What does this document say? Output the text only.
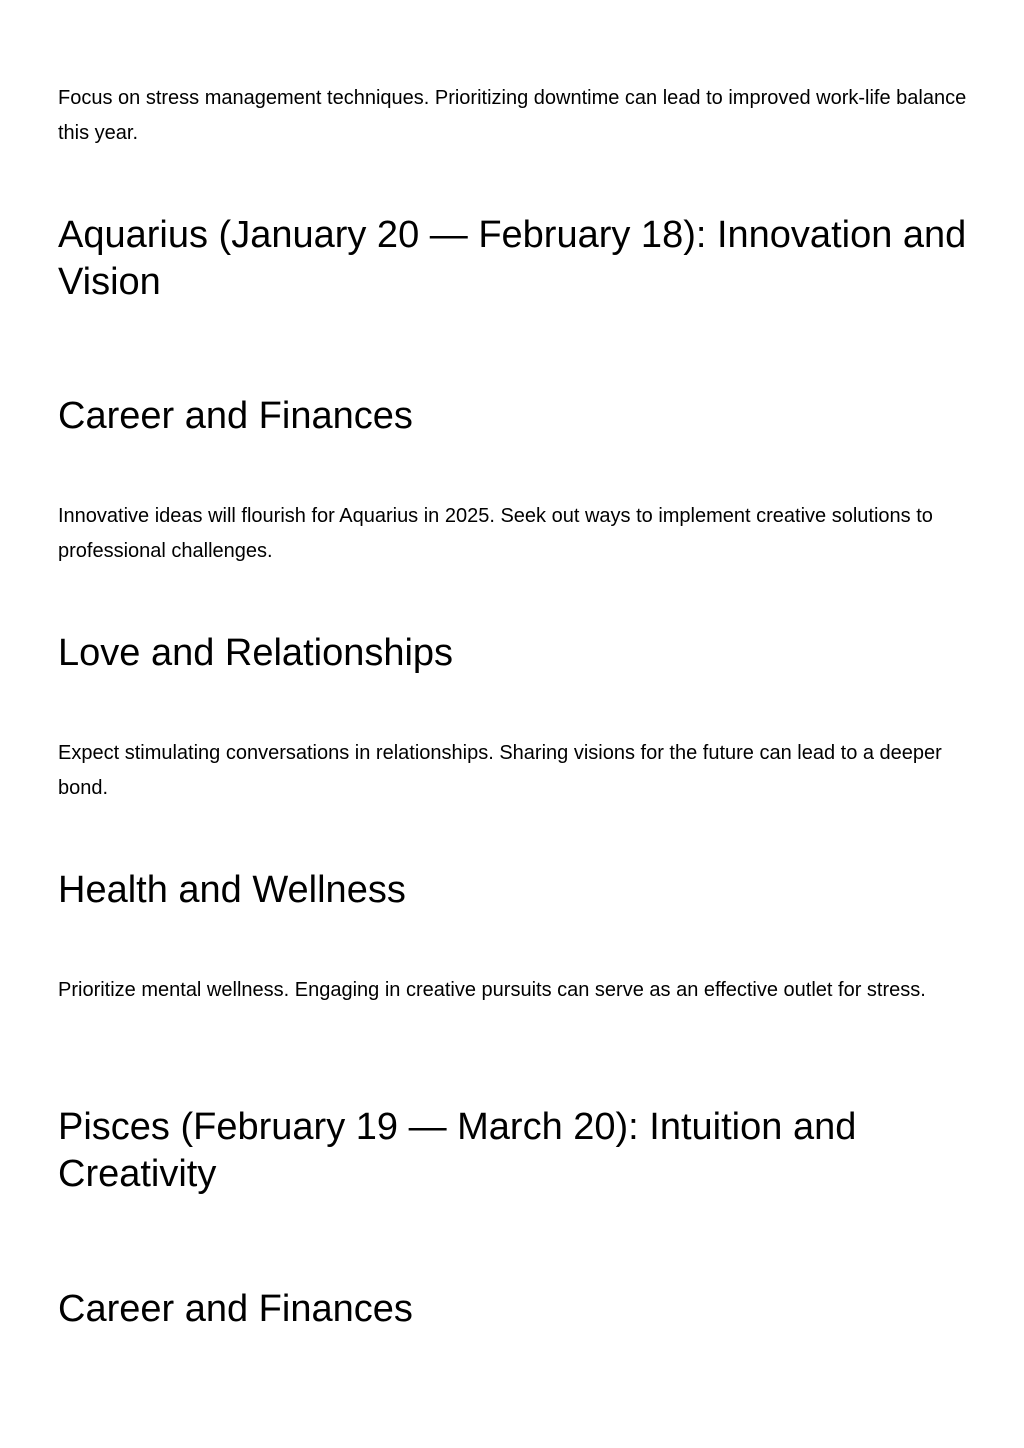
Focus on stress management techniques. Prioritizing downtime can lead to improved work-life balance this year.

Aquarius (January 20 — February 18): Innovation and Vision
Career and Finances

Innovative ideas will flourish for Aquarius in 2025. Seek out ways to implement creative solutions to professional challenges.

Love and Relationships

Expect stimulating conversations in relationships. Sharing visions for the future can lead to a deeper bond.

Health and Wellness

Prioritize mental wellness. Engaging in creative pursuits can serve as an effective outlet for stress.

Pisces (February 19 — March 20): Intuition and Creativity
Career and Finances
